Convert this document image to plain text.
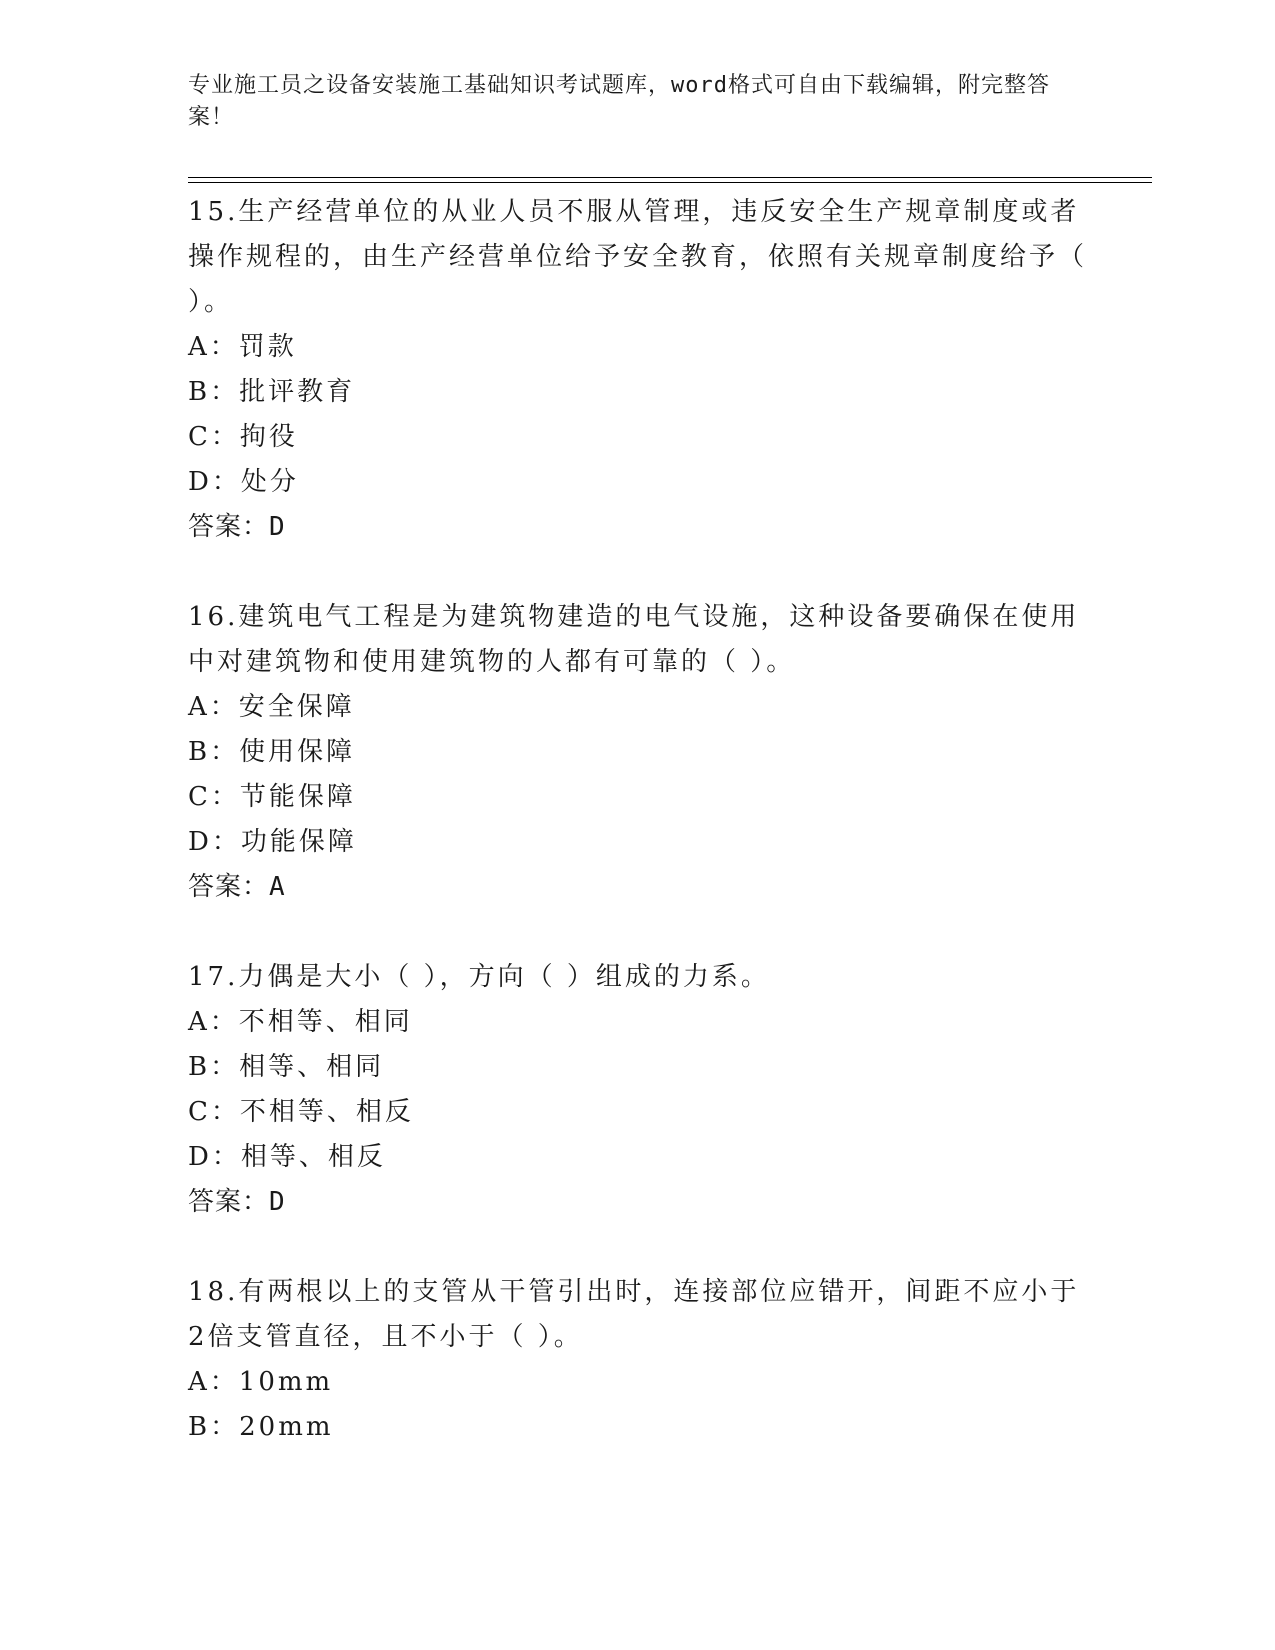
专业施工员之设备安装施工基础知识考试题库，word格式可自由下载编辑，附完整答案！

15.生产经营单位的从业人员不服从管理，违反安全生产规章制度或者操作规程的，由生产经营单位给予安全教育，依照有关规章制度给予（ ）。

A：罚款

B：批评教育

C：拘役

D：处分

答案：D

16.建筑电气工程是为建筑物建造的电气设施，这种设备要确保在使用中对建筑物和使用建筑物的人都有可靠的（ ）。

A：安全保障

B：使用保障

C：节能保障

D：功能保障

答案：A

17.力偶是大小（ ），方向（ ）组成的力系。

A：不相等、相同

B：相等、相同

C：不相等、相反

D：相等、相反

答案：D

18.有两根以上的支管从干管引出时，连接部位应错开，间距不应小于2倍支管直径，且不小于（ ）。

A：10mm

B：20mm
